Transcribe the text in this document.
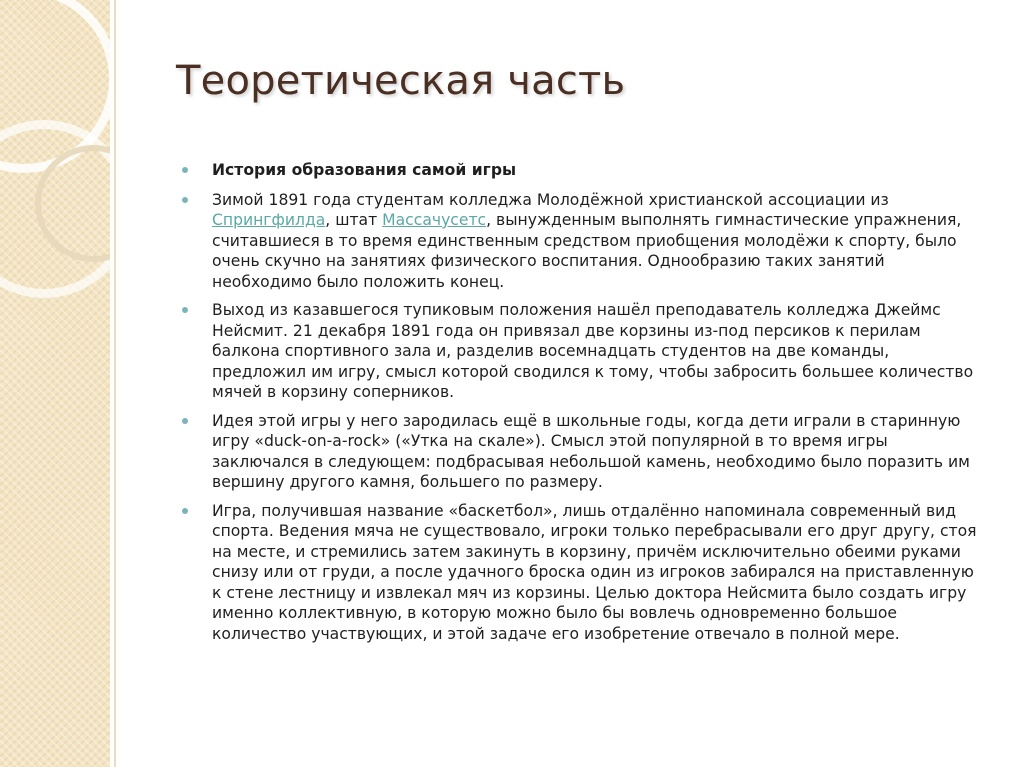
Теоретическая часть
История образования самой игры
Зимой 1891 года студентам колледжа Молодёжной христианской ассоциации из Спрингфилда, штат Массачусетс, вынужденным выполнять гимнастические упражнения, считавшиеся в то время единственным средством приобщения молодёжи к спорту, было очень скучно на занятиях физического воспитания. Однообразию таких занятий необходимо было положить конец.
Выход из казавшегося тупиковым положения нашёл преподаватель колледжа Джеймс Нейсмит. 21 декабря 1891 года он привязал две корзины из-под персиков к перилам балкона спортивного зала и, разделив восемнадцать студентов на две команды, предложил им игру, смысл которой сводился к тому, чтобы забросить большее количество мячей в корзину соперников.
Идея этой игры у него зародилась ещё в школьные годы, когда дети играли в старинную игру «duck-on-a-rock» («Утка на скале»). Смысл этой популярной в то время игры заключался в следующем: подбрасывая небольшой камень, необходимо было поразить им вершину другого камня, большего по размеру.
Игра, получившая название «баскетбол», лишь отдалённо напоминала современный вид спорта. Ведения мяча не существовало, игроки только перебрасывали его друг другу, стоя на месте, и стремились затем закинуть в корзину, причём исключительно обеими руками снизу или от груди, а после удачного броска один из игроков забирался на приставленную к стене лестницу и извлекал мяч из корзины. Целью доктора Нейсмита было создать игру именно коллективную, в которую можно было бы вовлечь одновременно большое количество участвующих, и этой задаче его изобретение отвечало в полной мере.
